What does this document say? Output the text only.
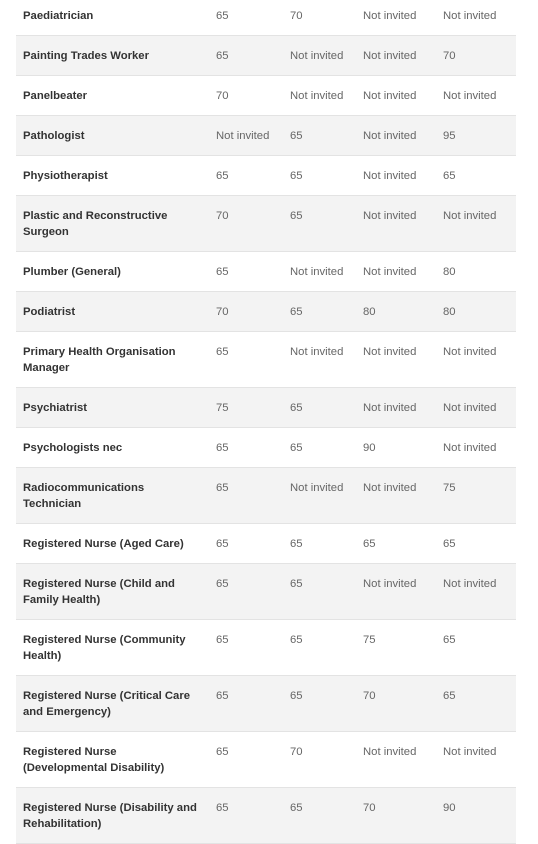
Paediatrician	65	70	Not invited	Not invited
Painting Trades Worker	65	Not invited	Not invited	70
Panelbeater	70	Not invited	Not invited	Not invited
Pathologist	Not invited	65	Not invited	95
Physiotherapist	65	65	Not invited	65
Plastic and Reconstructive Surgeon	70	65	Not invited	Not invited
Plumber (General)	65	Not invited	Not invited	80
Podiatrist	70	65	80	80
Primary Health Organisation Manager	65	Not invited	Not invited	Not invited
Psychiatrist	75	65	Not invited	Not invited
Psychologists nec	65	65	90	Not invited
Radiocommunications Technician	65	Not invited	Not invited	75
Registered Nurse (Aged Care)	65	65	65	65
Registered Nurse (Child and Family Health)	65	65	Not invited	Not invited
Registered Nurse (Community Health)	65	65	75	65
Registered Nurse (Critical Care and Emergency)	65	65	70	65
Registered Nurse (Developmental Disability)	65	70	Not invited	Not invited
Registered Nurse (Disability and Rehabilitation)	65	65	70	90
